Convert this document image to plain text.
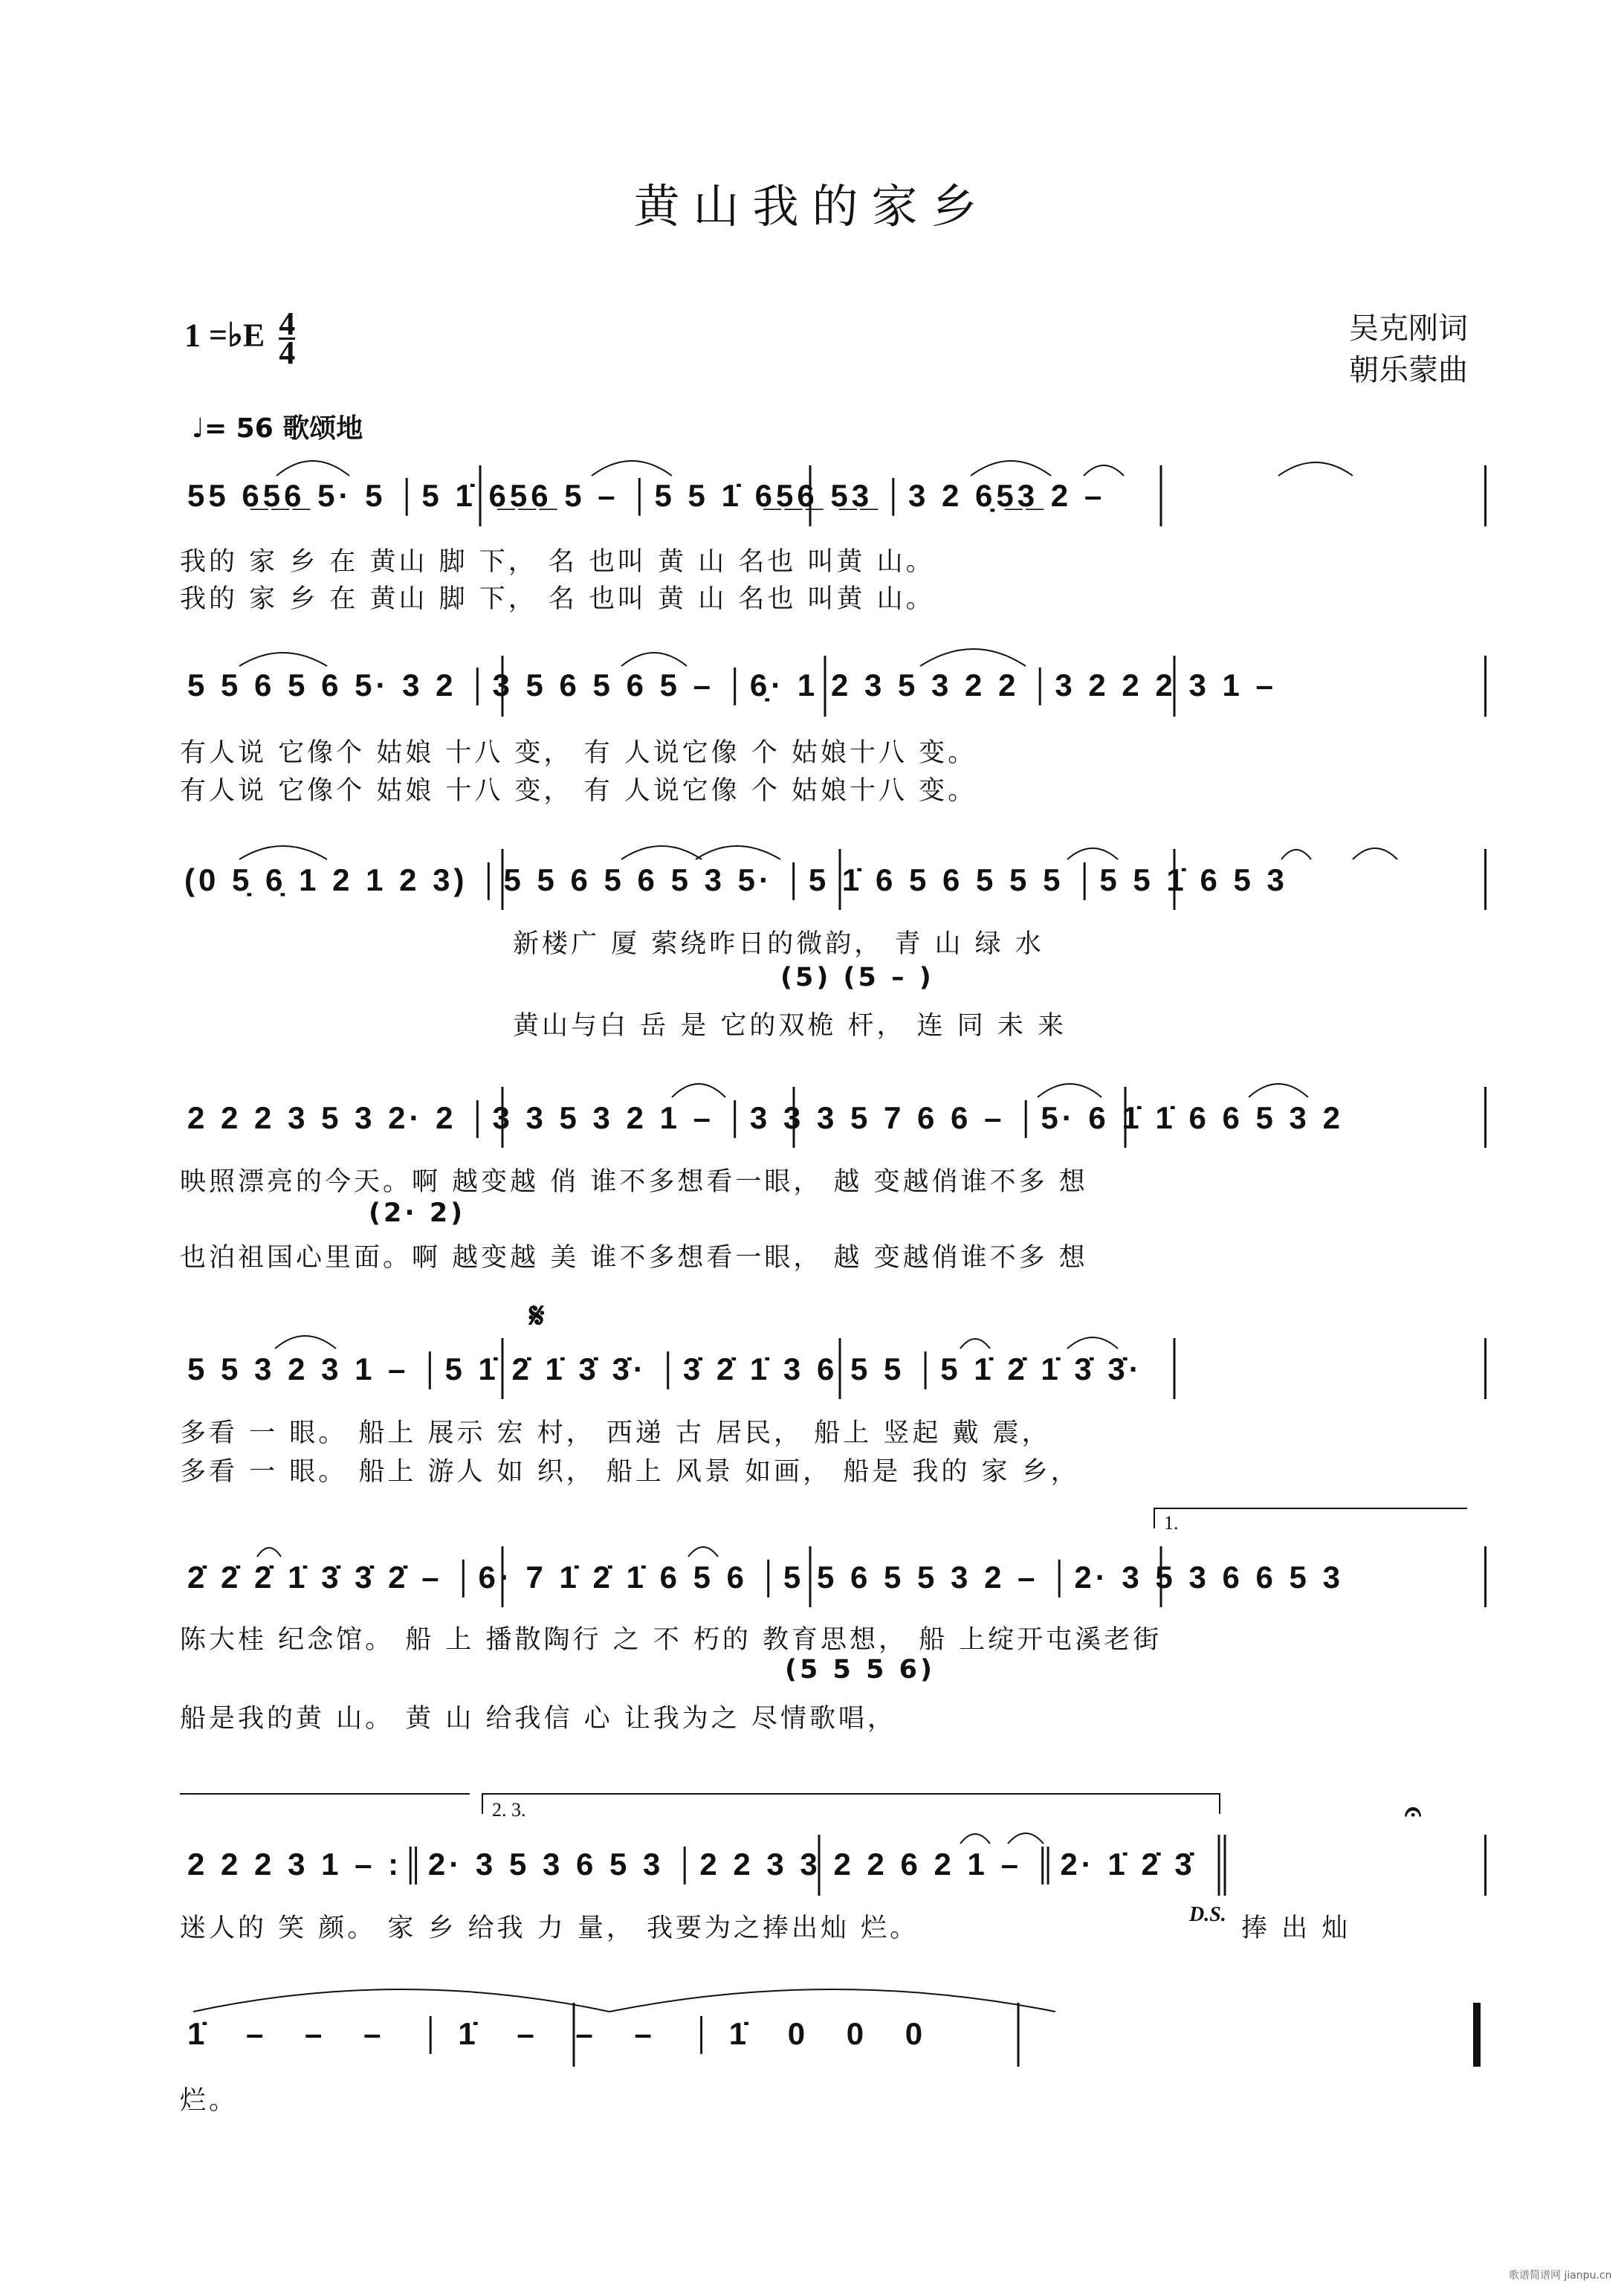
黄山我的家乡
1 =♭E $\frac{4}{4}$	吴克刚词
朝乐蒙曲
♩= 56 歌颂地
55 6̲5̲6̲ 5· 5 │5 1̇ 6̲5̲6̲ 5 – │5 5 1̇ 6̲5̲6̲ 5̲3̲ │3 2 6̣5̲3̲ 2 –
我的 家 乡 在 黄山 脚 下， 名 也叫 黄 山 名也 叫黄 山。
我的 家 乡 在 黄山 脚 下， 名 也叫 黄 山 名也 叫黄 山。
5 5 6 5 6 5· 3 2 │3 5 6 5 6 5 – │6̣· 1 2 3 5 3 2 2 │3 2 2 2 3 1 –
有人说 它像个 姑娘 十八 变， 有 人说它像 个 姑娘十八 变。
有人说 它像个 姑娘 十八 变， 有 人说它像 个 姑娘十八 变。
(0 5̣ 6̣ 1 2 1 2 3) │5 5 6 5 6 5 3 5· │5 1̇ 6 5 6 5 5 5 │5 5 1̇ 6 5 3
新楼广 厦 萦绕昨日的微韵， 青 山 绿 水
(5) (5 – )
黄山与白 岳 是 它的双桅 杆， 连 同 未 来
2 2 2 3 5 3 2· 2 │3 3 5 3 2 1 – │3 3 3 5 7 6 6 – │5· 6 1̇ 1̇ 6 6 5 3 2
映照漂亮的今天。啊 越变越 俏 谁不多想看一眼， 越 变越俏谁不多 想
(2· 2)
也泊祖国心里面。啊 越变越 美 谁不多想看一眼， 越 变越俏谁不多 想
𝄋
5 5 3 2 3 1 – │5 1̇ 2̇ 1̇ 3̇ 3̇· │3̇ 2̇ 1̇ 3 6 5 5 │5 1̇ 2̇ 1̇ 3̇ 3̇·
多看 一 眼。 船上 展示 宏 村， 西递 古 居民， 船上 竖起 戴 震，
多看 一 眼。 船上 游人 如 织， 船上 风景 如画， 船是 我的 家 乡，
1.
2̇ 2̇ 2̇ 1̇ 3̇ 3̇ 2̇ – │6· 7 1̇ 2̇ 1̇ 6 5 6 │5 5 6 5 5 3 2 – │2· 3 5 3 6 6 5 3
陈大桂 纪念馆。 船 上 播散陶行 之 不 朽的 教育思想， 船 上绽开屯溪老街
(5 5 5 6)
船是我的黄 山。 黄 山 给我信 心 让我为之 尽情歌唱，
2. 3.
2 2 2 3 1 – :║2· 3 5 3 6 5 3 │2 2 3 3 2 2 6 2 1 – ║2· 1̇ 2̇ 3̇
迷人的 笑 颜。 家 乡 给我 力 量， 我要为之捧出灿 烂。	D.S. 捧 出 灿
𝄐
1̇ – – – │1̇ – – – │1̇ 0 0 0
烂。
歌谱简谱网 jianpu.cn
